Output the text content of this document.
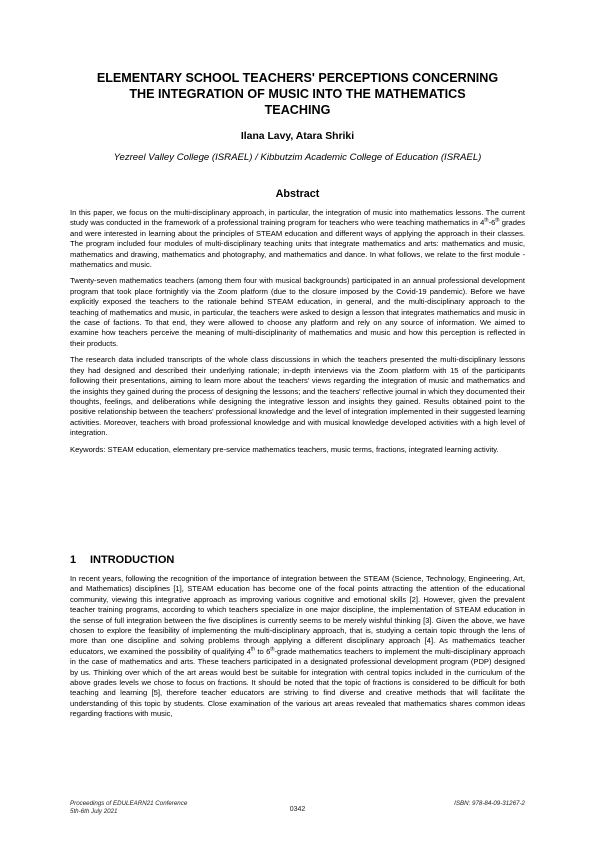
ELEMENTARY SCHOOL TEACHERS' PERCEPTIONS CONCERNING
THE INTEGRATION OF MUSIC INTO THE MATHEMATICS
TEACHING
Ilana Lavy, Atara Shriki
Yezreel Valley College (ISRAEL) / Kibbutzim Academic College of Education (ISRAEL)
Abstract

In this paper, we focus on the multi-disciplinary approach, in particular, the integration of music into mathematics lessons. The current study was conducted in the framework of a professional training program for teachers who were teaching mathematics in 4th-6th grades and were interested in learning about the principles of STEAM education and different ways of applying the approach in their classes. The program included four modules of multi-disciplinary teaching units that integrate mathematics and arts: mathematics and music, mathematics and drawing, mathematics and photography, and mathematics and dance. In what follows, we relate to the first module - mathematics and music.

Twenty-seven mathematics teachers (among them four with musical backgrounds) participated in an annual professional development program that took place fortnightly via the Zoom platform (due to the closure imposed by the Covid-19 pandemic). Before we have explicitly exposed the teachers to the rationale behind STEAM education, in general, and the multi-disciplinary approach to the teaching of mathematics and music, in particular, the teachers were asked to design a lesson that integrates mathematics and music in the case of factions. To that end, they were allowed to choose any platform and rely on any source of information. We aimed to examine how teachers perceive the meaning of multi-disciplinarity of mathematics and music and how this perception is reflected in their products.

The research data included transcripts of the whole class discussions in which the teachers presented the multi-disciplinary lessons they had designed and described their underlying rationale; in-depth interviews via the Zoom platform with 15 of the participants following their presentations, aiming to learn more about the teachers' views regarding the integration of music and mathematics and the insights they gained during the process of designing the lessons; and the teachers' reflective journal in which they documented their thoughts, feelings, and deliberations while designing the integrative lesson and insights they gained. Results obtained point to the positive relationship between the teachers' professional knowledge and the level of integration implemented in their suggested learning activities. Moreover, teachers with broad professional knowledge and with musical knowledge developed activities with a high level of integration.

Keywords: STEAM education, elementary pre-service mathematics teachers, music terms, fractions, integrated learning activity.

1 INTRODUCTION

In recent years, following the recognition of the importance of integration between the STEAM (Science, Technology, Engineering, Art, and Mathematics) disciplines [1], STEAM education has become one of the focal points attracting the attention of the educational community, viewing this integrative approach as improving various cognitive and emotional skills [2]. However, given the prevalent teacher training programs, according to which teachers specialize in one major discipline, the implementation of STEAM education in the sense of full integration between the five disciplines is currently seems to be merely wishful thinking [3]. Given the above, we have chosen to explore the feasibility of implementing the multi-disciplinary approach, that is, studying a certain topic through the lens of more than one discipline and solving problems through applying a different disciplinary approach [4]. As mathematics teacher educators, we examined the possibility of qualifying 4th to 6th-grade mathematics teachers to implement the multi-disciplinary approach in the case of mathematics and arts. These teachers participated in a designated professional development program (PDP) designed by us. Thinking over which of the art areas would best be suitable for integration with central topics included in the curriculum of the above grades levels we chose to focus on fractions. It should be noted that the topic of fractions is considered to be difficult for both teaching and learning [5], therefore teacher educators are striving to find diverse and creative methods that will facilitate the understanding of this topic by students. Close examination of the various art areas revealed that mathematics shares common ideas regarding fractions with music,

Proceedings of EDULEARN21 Conference
5th-6th July 2021	0342
ISBN: 978-84-09-31267-2
